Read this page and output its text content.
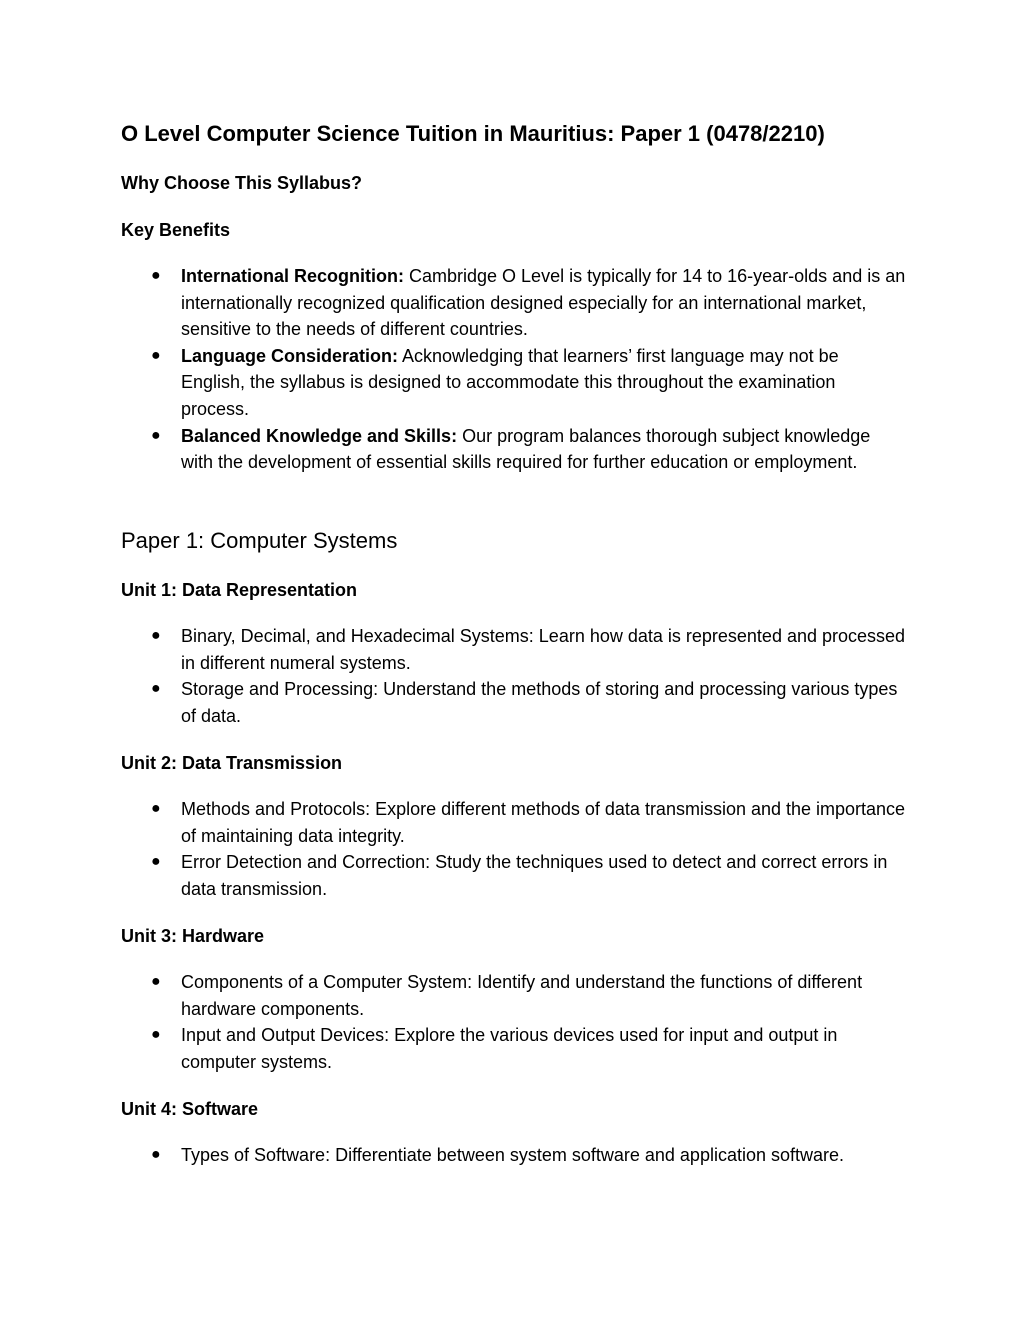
O Level Computer Science Tuition in Mauritius: Paper 1 (0478/2210)
Why Choose This Syllabus?
Key Benefits
● International Recognition: Cambridge O Level is typically for 14 to 16-year-olds and is an internationally recognized qualification designed especially for an international market, sensitive to the needs of different countries.
● Language Consideration: Acknowledging that learners’ first language may not be English, the syllabus is designed to accommodate this throughout the examination process.
● Balanced Knowledge and Skills: Our program balances thorough subject knowledge with the development of essential skills required for further education or employment.
Paper 1: Computer Systems
Unit 1: Data Representation
● Binary, Decimal, and Hexadecimal Systems: Learn how data is represented and processed in different numeral systems.
● Storage and Processing: Understand the methods of storing and processing various types of data.
Unit 2: Data Transmission
● Methods and Protocols: Explore different methods of data transmission and the importance of maintaining data integrity.
● Error Detection and Correction: Study the techniques used to detect and correct errors in data transmission.
Unit 3: Hardware
● Components of a Computer System: Identify and understand the functions of different hardware components.
● Input and Output Devices: Explore the various devices used for input and output in computer systems.
Unit 4: Software
● Types of Software: Differentiate between system software and application software.
